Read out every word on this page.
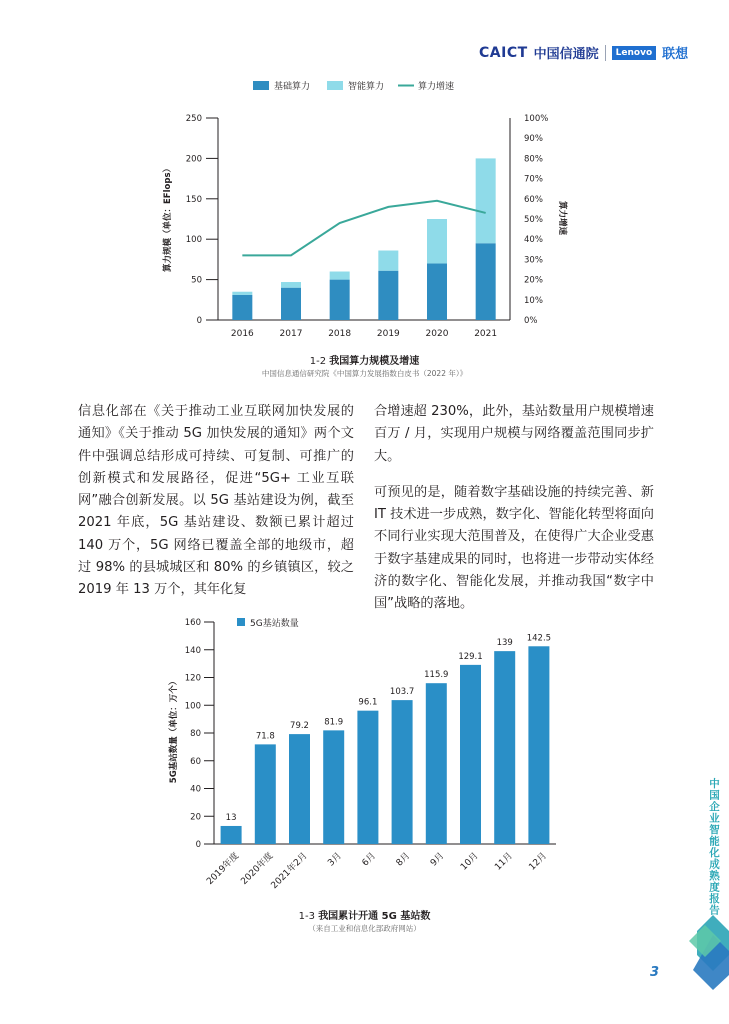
CAICT 中国信通院	Lenovo 联想
基础算力	智能算力	算力增速
0
50
100
150
200
250
0%
10%
20%
30%
40%
50%
60%
70%
80%
90%
100%
2016	2017	2018	2019	2020	2021
算力规模（单位：EFlops）	算力增速
1-2 我国算力规模及增速
中国信息通信研究院《中国算力发展指数白皮书（2022 年）》

信息化部在《关于推动工业互联网加快发展的通知》《关于推动 5G 加快发展的通知》两个文件中强调总结形成可持续、可复制、可推广的创新模式和发展路径，促进“5G+ 工业互联网”融合创新发展。以 5G 基站建设为例，截至 2021 年底，5G 基站建设、数额已累计超过 140 万个，5G 网络已覆盖全部的地级市，超过 98% 的县城城区和 80% 的乡镇镇区，较之 2019 年 13 万个，其年化复

合增速超 230%，此外，基站数量用户规模增速百万 / 月，实现用户规模与网络覆盖范围同步扩大。

可预见的是，随着数字基础设施的持续完善、新 IT 技术进一步成熟，数字化、智能化转型将面向不同行业实现大范围普及，在使得广大企业受惠于数字基建成果的同时，也将进一步带动实体经济的数字化、智能化发展，并推动我国“数字中国”战略的落地。

5G基站数量
0
20
40
60
80
100
120
140
160
13
71.8
79.2 81.9
96.1
103.7
115.9
129.1
139 142.5
2019年度
2020年度
2021年2月 3月 6月 8月 9月 10月 11月 12月
5G基站数量（单位：万个）
1-3 我国累计开通 5G 基站数
（来自工业和信息化部政府网站）
中国企业智能化成熟度报告
3
